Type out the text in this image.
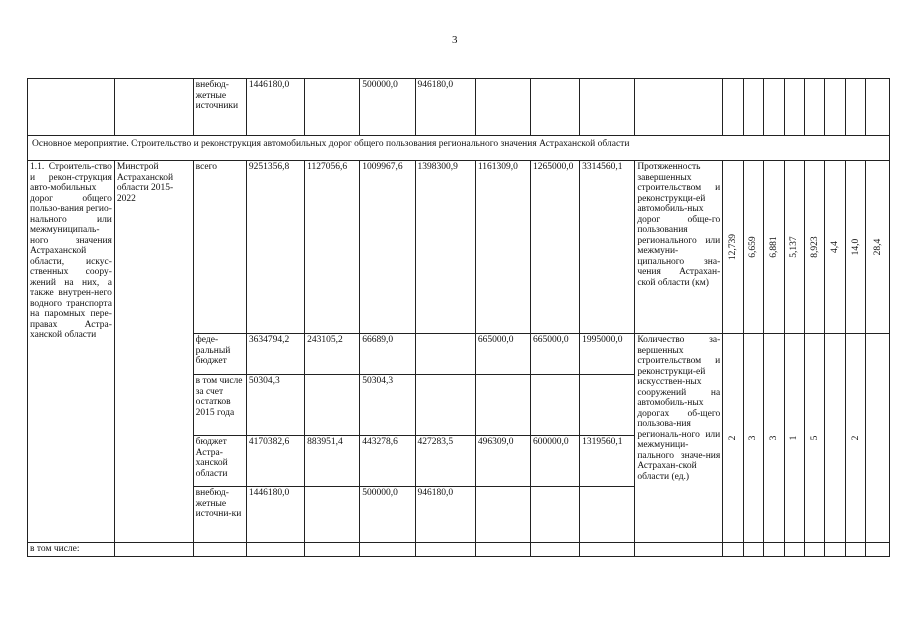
3
		внебюд-жетные источники	1446180,0		500000,0	946180,0												
Основное мероприятие. Строительство и реконструкция автомобильных дорог общего пользования регионального значения Астраханской области																		
1.1. Строитель-ство и рекон-струкция авто-мобильных дорог общего пользо-вания регио-нального или межмуниципаль-ного значения Астраханской области, искус-ственных соору-жений на них, а также внутрен-него водного транспорта на паромных пере-правах Астра-ханской области	Минстрой Астраханской области 2015-2022	всего	9251356,8	1127056,6	1009967,6	1398300,9	1161309,0	1265000,0	3314560,1	Протяженность завершенных строительством и реконструкци-ей автомобиль-ных дорог обще-го пользования регионального или межмуни-ципального зна-чения Астрахан-ской области (км)	12,739	6,659	6,881	5,137	8,923	4,4	14,0	28,4

		феде-ральный бюджет	3634794,2	243105,2	66689,0		665000,0	665000,0	1995000,0	Количество за-вершенных строительством и реконструкци-ей искусствен-ных сооружений на автомобиль-ных дорогах об-щего пользова-ния региональ-ного или межмуници-пального значе-ния Астрахан-ской области (ед.)	2	3	3	1	5		2	

		в том числе за счет остатков 2015 года	50304,3		50304,3													
		бюджет Астра-ханской области	4170382,6	883951,4	443278,6	427283,5	496309,0	600000,0	1319560,1									
		внебюд-жетные источни-ки	1446180,0		500000,0	946180,0												
в том числе:																		
